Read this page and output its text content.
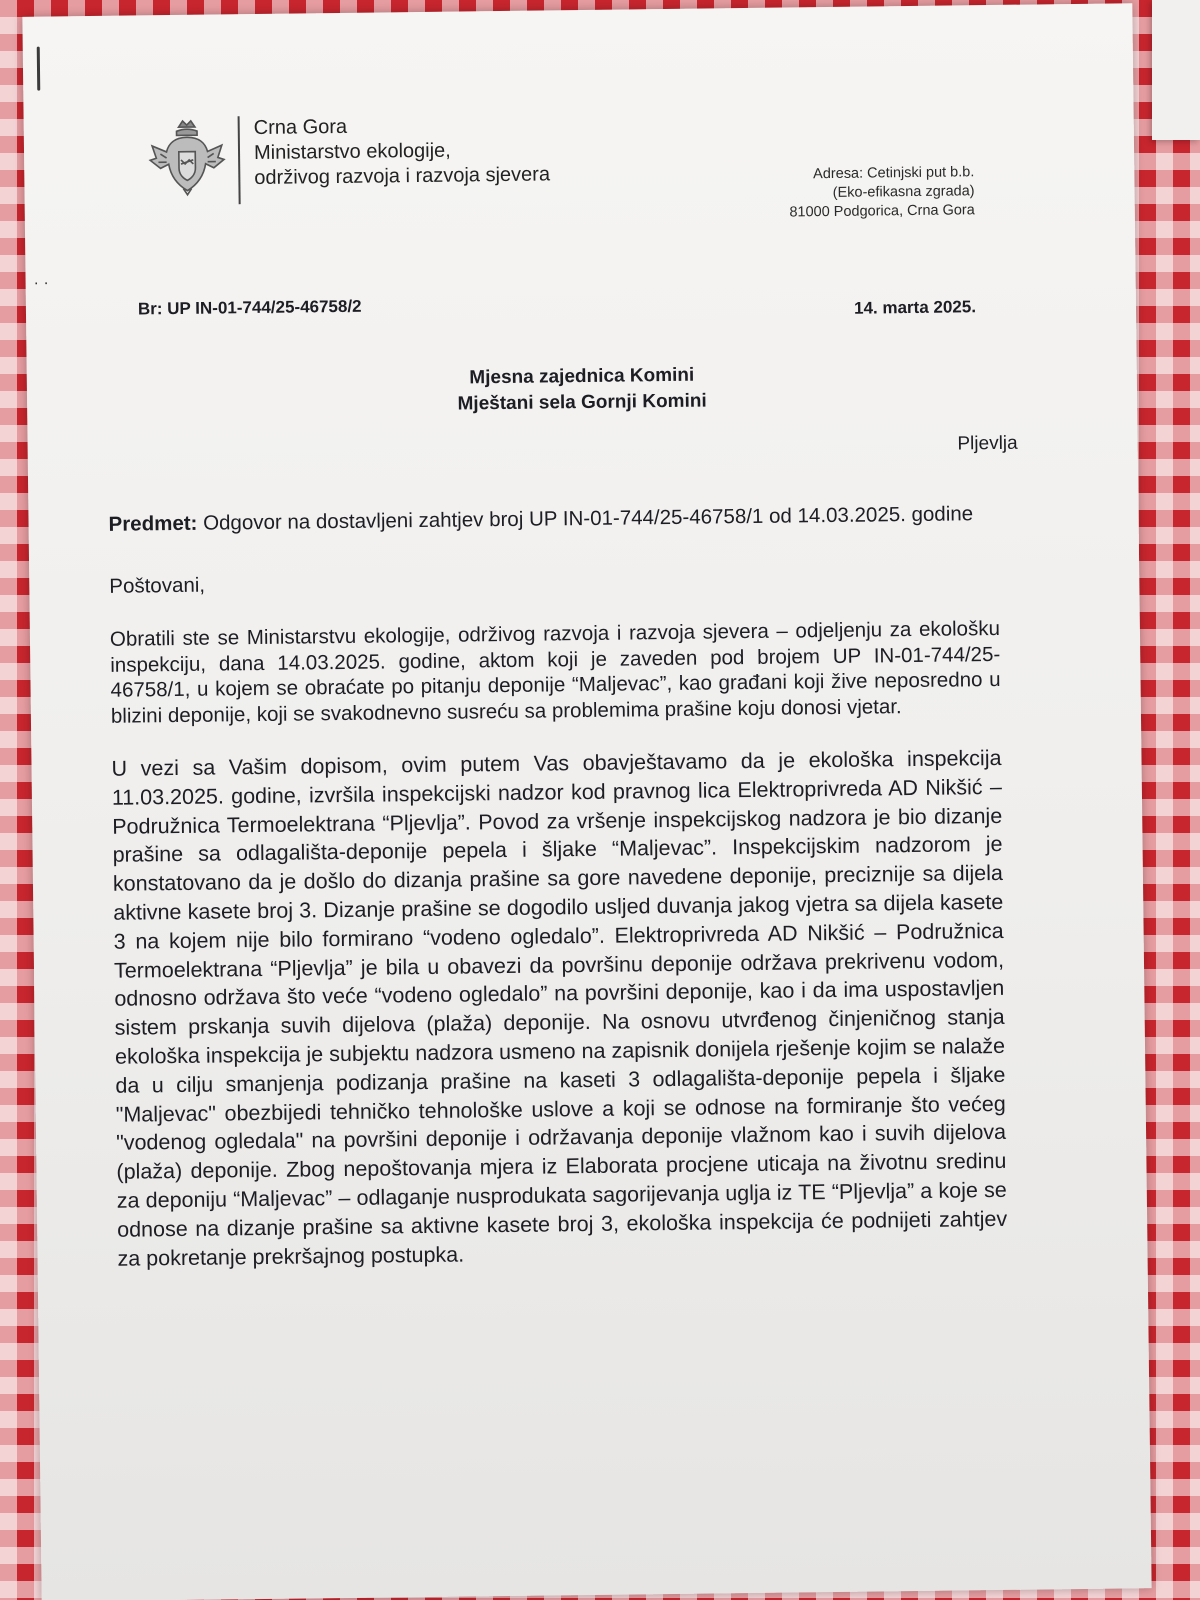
· ·
Crna Gora
Ministarstvo ekologije,
održivog razvoja i razvoja sjevera	Adresa: Cetinjski put b.b.
(Eko-efikasna zgrada)
81000 Podgorica, Crna Gora
Br: UP IN-01-744/25-46758/2	14. marta 2025.
Mjesna zajednica Komini
Mještani sela Gornji Komini
Pljevlja

Predmet: Odgovor na dostavljeni zahtjev broj UP IN-01-744/25-46758/1 od 14.03.2025. godine

Poštovani,

Obratili ste se Ministarstvu ekologije, održivog razvoja i razvoja sjevera – odjeljenju za ekološku inspekciju, dana 14.03.2025. godine, aktom koji je zaveden pod brojem UP IN-01-744/25-46758/1, u kojem se obraćate po pitanju deponije “Maljevac”, kao građani koji žive neposredno u blizini deponije, koji se svakodnevno susreću sa problemima prašine koju donosi vjetar.

U vezi sa Vašim dopisom, ovim putem Vas obavještavamo da je ekološka inspekcija 11.03.2025. godine, izvršila inspekcijski nadzor kod pravnog lica Elektroprivreda AD Nikšić – Podružnica Termoelektrana “Pljevlja”. Povod za vršenje inspekcijskog nadzora je bio dizanje prašine sa odlagališta-deponije pepela i šljake “Maljevac”. Inspekcijskim nadzorom je konstatovano da je došlo do dizanja prašine sa gore navedene deponije, preciznije sa dijela aktivne kasete broj 3. Dizanje prašine se dogodilo usljed duvanja jakog vjetra sa dijela kasete 3 na kojem nije bilo formirano “vodeno ogledalo”. Elektroprivreda AD Nikšić – Podružnica Termoelektrana “Pljevlja” je bila u obavezi da površinu deponije održava prekrivenu vodom, odnosno održava što veće “vodeno ogledalo” na površini deponije, kao i da ima uspostavljen sistem prskanja suvih dijelova (plaža) deponije. Na osnovu utvrđenog činjeničnog stanja ekološka inspekcija je subjektu nadzora usmeno na zapisnik donijela rješenje kojim se nalaže da u cilju smanjenja podizanja prašine na kaseti 3 odlagališta-deponije pepela i šljake "Maljevac" obezbijedi tehničko tehnološke uslove a koji se odnose na formiranje što većeg "vodenog ogledala" na površini deponije i održavanja deponije vlažnom kao i suvih dijelova (plaža) deponije. Zbog nepoštovanja mjera iz Elaborata procjene uticaja na životnu sredinu za deponiju “Maljevac” – odlaganje nusprodukata sagorijevanja uglja iz TE “Pljevlja” a koje se odnose na dizanje prašine sa aktivne kasete broj 3, ekološka inspekcija će podnijeti zahtjev za pokretanje prekršajnog postupka.
